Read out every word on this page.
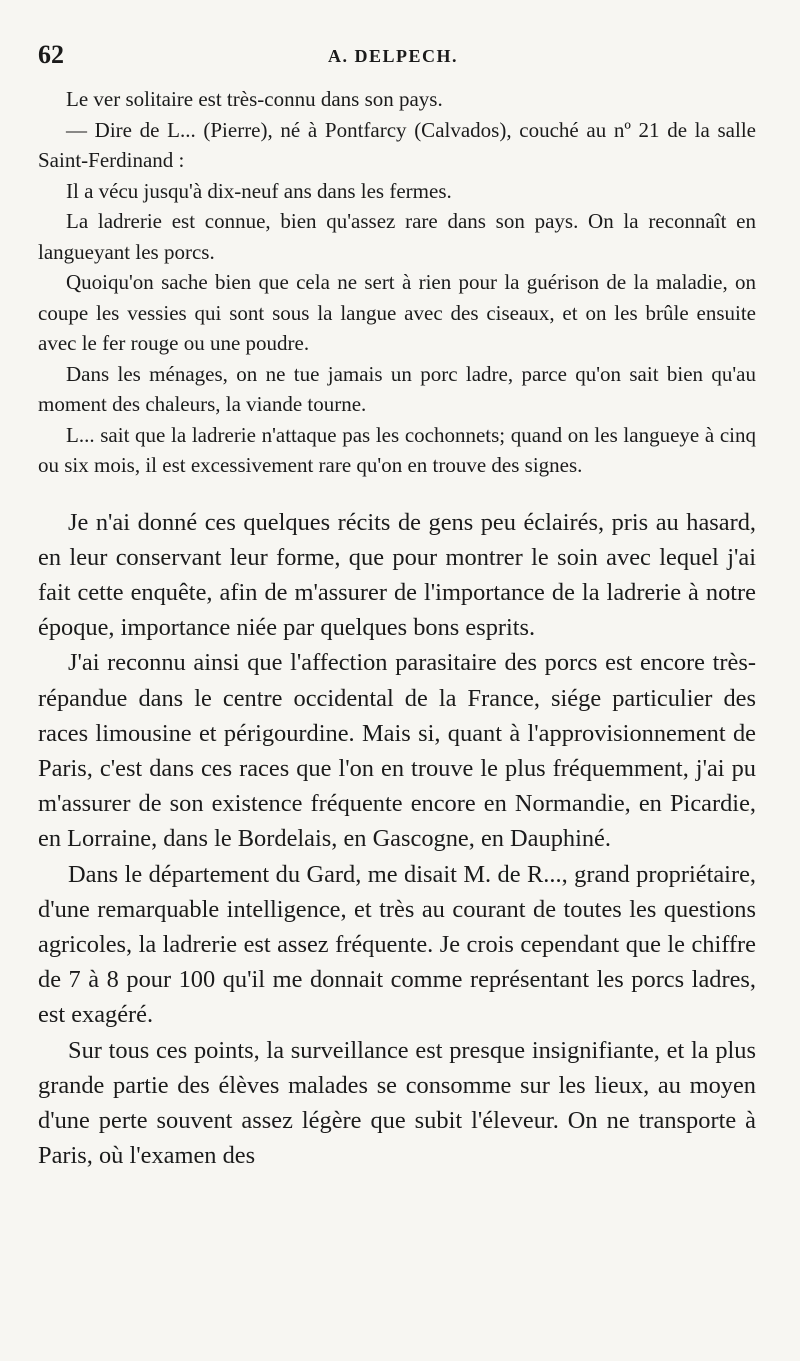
62	A. DELPECH.

Le ver solitaire est très-connu dans son pays.

— Dire de L... (Pierre), né à Pontfarcy (Calvados), couché au nº 21 de la salle Saint-Ferdinand :

Il a vécu jusqu'à dix-neuf ans dans les fermes.

La ladrerie est connue, bien qu'assez rare dans son pays. On la reconnaît en langueyant les porcs.

Quoiqu'on sache bien que cela ne sert à rien pour la guérison de la maladie, on coupe les vessies qui sont sous la langue avec des ciseaux, et on les brûle ensuite avec le fer rouge ou une poudre.

Dans les ménages, on ne tue jamais un porc ladre, parce qu'on sait bien qu'au moment des chaleurs, la viande tourne.

L... sait que la ladrerie n'attaque pas les cochonnets; quand on les langueye à cinq ou six mois, il est excessivement rare qu'on en trouve des signes.

Je n'ai donné ces quelques récits de gens peu éclairés, pris au hasard, en leur conservant leur forme, que pour montrer le soin avec lequel j'ai fait cette enquête, afin de m'assurer de l'importance de la ladrerie à notre époque, importance niée par quelques bons esprits.

J'ai reconnu ainsi que l'affection parasitaire des porcs est encore très-répandue dans le centre occidental de la France, siége particulier des races limousine et périgourdine. Mais si, quant à l'approvisionnement de Paris, c'est dans ces races que l'on en trouve le plus fréquemment, j'ai pu m'assurer de son existence fréquente encore en Normandie, en Picardie, en Lorraine, dans le Bordelais, en Gascogne, en Dauphiné.

Dans le département du Gard, me disait M. de R..., grand propriétaire, d'une remarquable intelligence, et très au courant de toutes les questions agricoles, la ladrerie est assez fréquente. Je crois cependant que le chiffre de 7 à 8 pour 100 qu'il me donnait comme représentant les porcs ladres, est exagéré.

Sur tous ces points, la surveillance est presque insignifiante, et la plus grande partie des élèves malades se consomme sur les lieux, au moyen d'une perte souvent assez légère que subit l'éleveur. On ne transporte à Paris, où l'examen des
